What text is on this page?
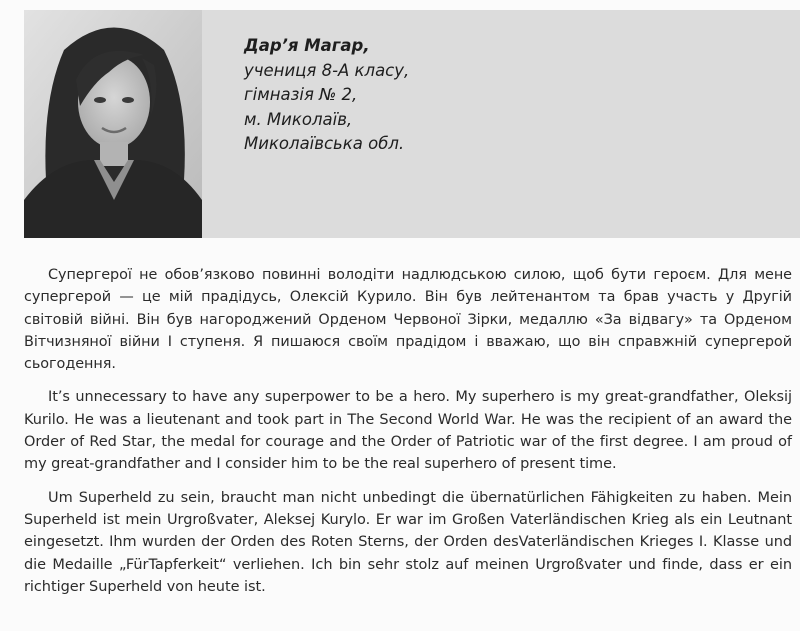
Дар’я Магар,
учениця 8-А класу,
гімназія № 2,
м. Миколаїв,
Миколаївська обл.

Супергерої не обов’язково повинні володіти надлюдською силою, щоб бути героєм. Для мене супергерой — це мій прадідусь, Олексій Курило. Він був лейтенантом та брав участь у Другій світовій війні. Він був нагороджений Орденом Червоної Зірки, медаллю «За відвагу» та Орденом Вітчизняної війни І ступеня. Я пишаюся своїм прадідом і вважаю, що він справжній супергерой сьогодення.

It’s unnecessary to have any superpower to be a hero. My superhero is my great-grandfather, Oleksij Kurilo. He was a lieutenant and took part in The Second World War. He was the recipient of an award the Order of Red Star, the medal for courage and the Order of Patriotic war of the first degree. I am proud of my great-grandfather and I consider him to be the real superhero of present time.

Um Superheld zu sein, braucht man nicht unbedingt die übernatürlichen Fähigkeiten zu haben. Mein Superheld ist mein Urgroßvater, Aleksej Kurylo. Er war im Großen Vaterländischen Krieg als ein Leutnant eingesetzt. Ihm wurden der Orden des Roten Sterns, der Orden desVaterländischen Krieges I. Klasse und die Medaille „FürTapferkeit“ verliehen. Ich bin sehr stolz auf meinen Urgroßvater und finde, dass er ein richtiger Superheld von heute ist.
